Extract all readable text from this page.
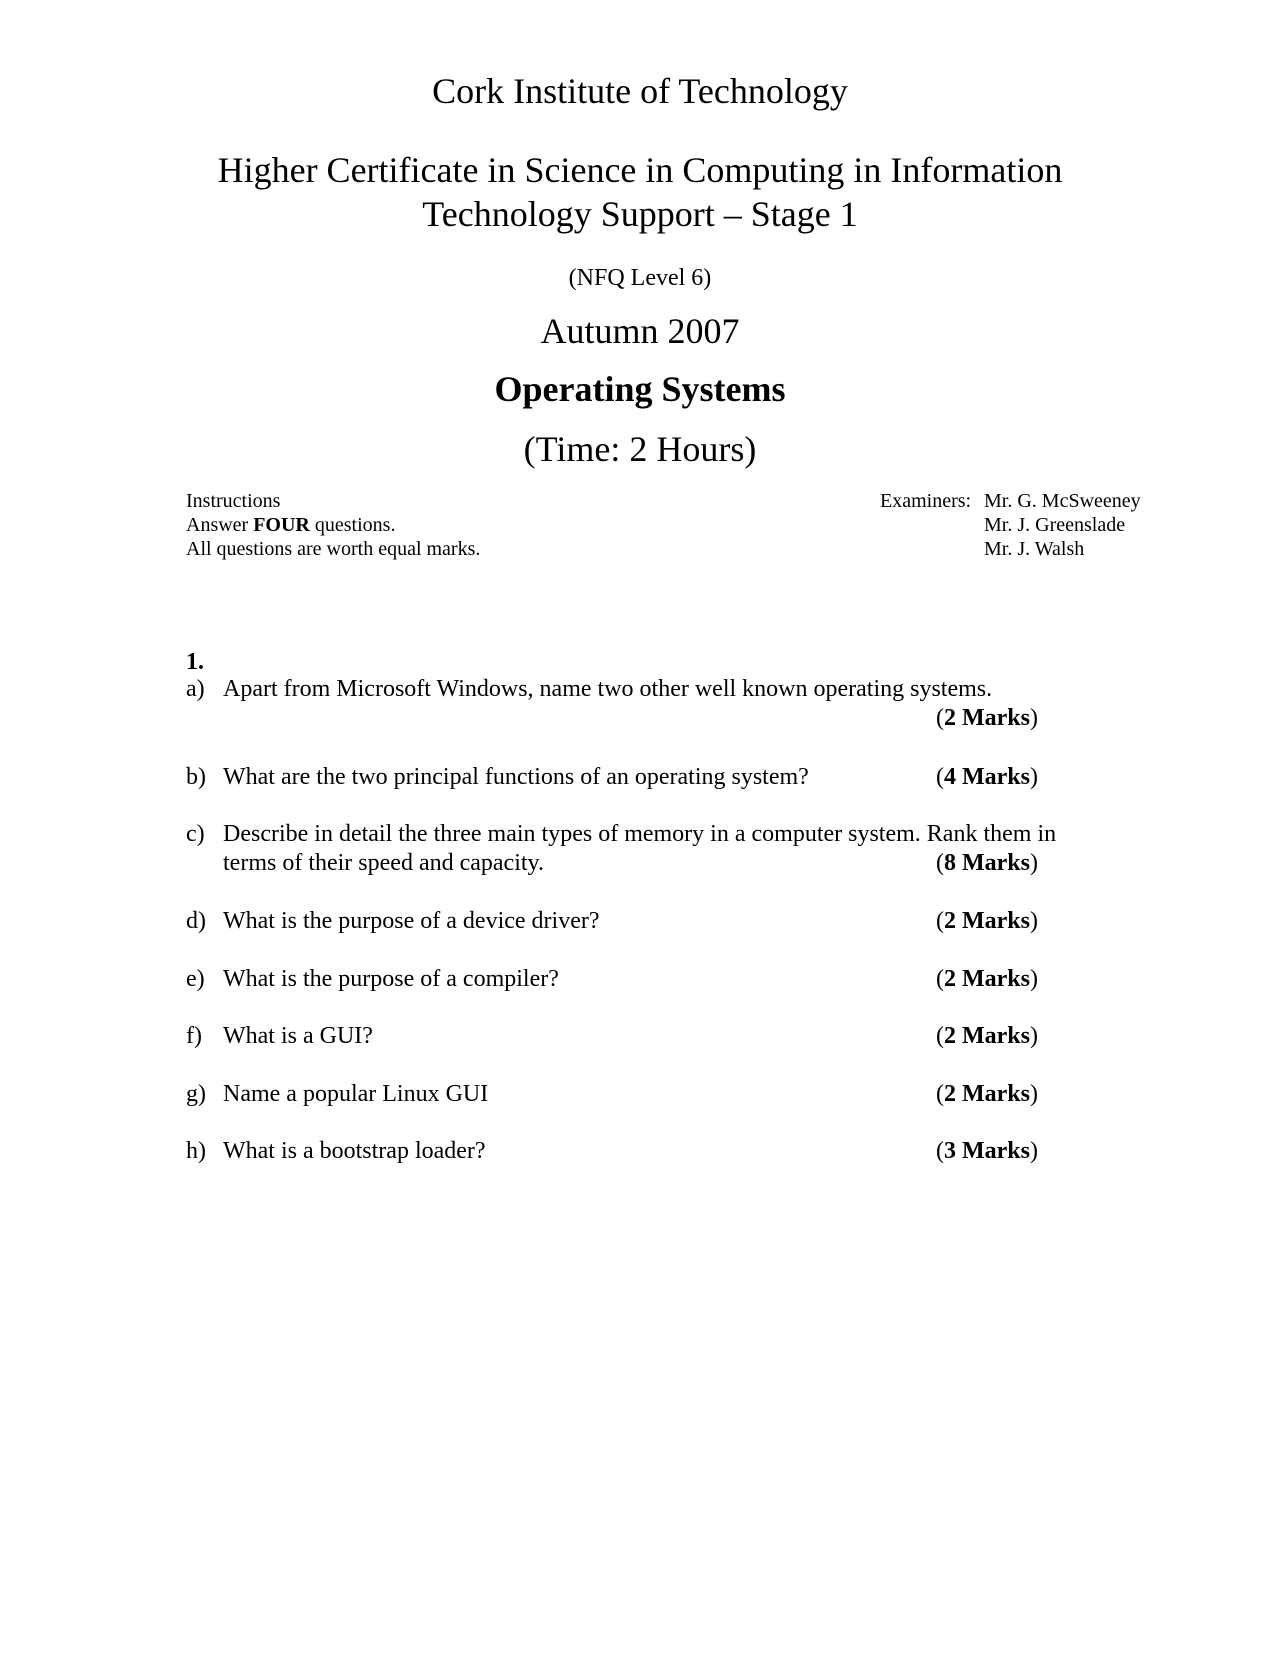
Cork Institute of Technology
Higher Certificate in Science in Computing in Information
Technology Support – Stage 1
(NFQ Level 6)
Autumn 2007
Operating Systems
(Time: 2 Hours)
Instructions
Answer FOUR questions.
All questions are worth equal marks.
Examiners: Mr. G. McSweeney
Mr. J. Greenslade
Mr. J. Walsh
1.
a) Apart from Microsoft Windows, name two other well known operating systems.
(2 Marks)
b) What are the two principal functions of an operating system?	(4 Marks)
c) Describe in detail the three main types of memory in a computer system. Rank them in terms of their speed and capacity.	(8 Marks)
d) What is the purpose of a device driver?	(2 Marks)
e) What is the purpose of a compiler?	(2 Marks)
f) What is a GUI?	(2 Marks)
g) Name a popular Linux GUI	(2 Marks)
h) What is a bootstrap loader?	(3 Marks)
